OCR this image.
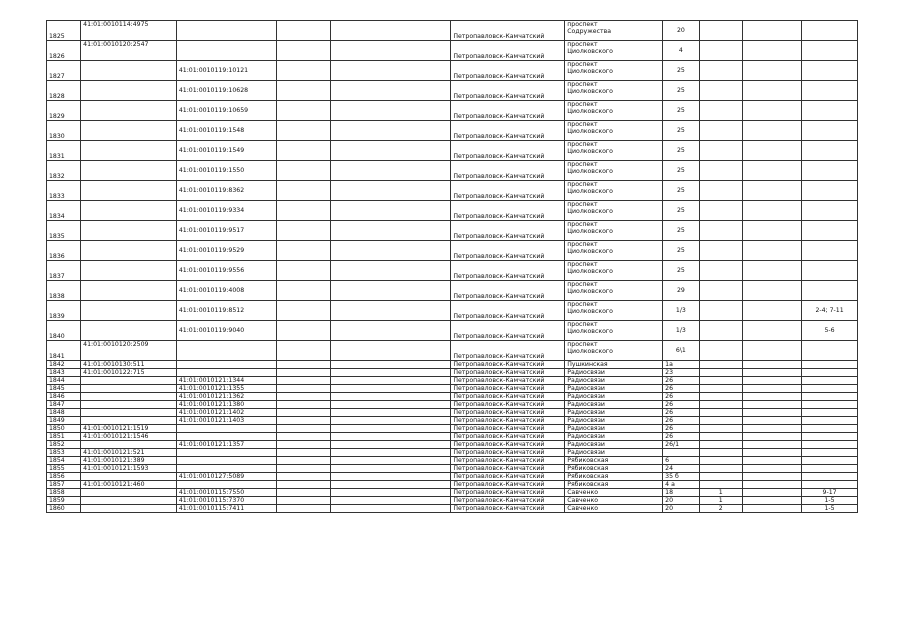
1825	41:01:0010114:4975				Петропавловск-Камчатский	проспект
Содружества	20			
1826	41:01:0010120:2547				Петропавловск-Камчатский	проспект
Циолковского	4			
1827		41:01:0010119:10121			Петропавловск-Камчатский	проспект
Циолковского	25			
1828		41:01:0010119:10628			Петропавловск-Камчатский	проспект
Циолковского	25			
1829		41:01:0010119:10659			Петропавловск-Камчатский	проспект
Циолковского	25			
1830		41:01:0010119:1548			Петропавловск-Камчатский	проспект
Циолковского	25			
1831		41:01:0010119:1549			Петропавловск-Камчатский	проспект
Циолковского	25			
1832		41:01:0010119:1550			Петропавловск-Камчатский	проспект
Циолковского	25			
1833		41:01:0010119:8362			Петропавловск-Камчатский	проспект
Циолковского	25			
1834		41:01:0010119:9334			Петропавловск-Камчатский	проспект
Циолковского	25			
1835		41:01:0010119:9517			Петропавловск-Камчатский	проспект
Циолковского	25			
1836		41:01:0010119:9529			Петропавловск-Камчатский	проспект
Циолковского	25			
1837		41:01:0010119:9556			Петропавловск-Камчатский	проспект
Циолковского	25			
1838		41:01:0010119:4008			Петропавловск-Камчатский	проспект
Циолковского	29			
1839		41:01:0010119:8512			Петропавловск-Камчатский	проспект
Циолковского	1/3			2-4; 7-11
1840		41:01:0010119:9040			Петропавловск-Камчатский	проспект
Циолковского	1/3			5-6
1841	41:01:0010120:2509				Петропавловск-Камчатский	проспект
Циолковского	6\1			
1842	41:01:0010130:511				Петропавловск-Камчатский	Пушкинская	1а			
1843	41:01:0010122:715				Петропавловск-Камчатский	Радиосвязи	23			
1844		41:01:0010121:1344			Петропавловск-Камчатский	Радиосвязи	26			
1845		41:01:0010121:1355			Петропавловск-Камчатский	Радиосвязи	26			
1846		41:01:0010121:1362			Петропавловск-Камчатский	Радиосвязи	26			
1847		41:01:0010121:1380			Петропавловск-Камчатский	Радиосвязи	26			
1848		41:01:0010121:1402			Петропавловск-Камчатский	Радиосвязи	26			
1849		41:01:0010121:1403			Петропавловск-Камчатский	Радиосвязи	26			
1850	41:01:0010121:1519				Петропавловск-Камчатский	Радиосвязи	26			
1851	41:01:0010121:1546				Петропавловск-Камчатский	Радиосвязи	26			
1852		41:01:0010121:1357			Петропавловск-Камчатский	Радиосвязи	26/1			
1853	41:01:0010121:521				Петропавловск-Камчатский	Радиосвязи				
1854	41:01:0010121:389				Петропавловск-Камчатский	Рябиковская	6			
1855	41:01:0010121:1593				Петропавловск-Камчатский	Рябиковская	24			
1856		41:01:0010127:5089			Петропавловск-Камчатский	Рябиковская	35 б			
1857	41:01:0010121:460				Петропавловск-Камчатский	Рябиковская	4 а			
1858		41:01:0010115:7550			Петропавловск-Камчатский	Савченко	18	1		9-17
1859		41:01:0010115:7370			Петропавловск-Камчатский	Савченко	20	1		1-5
1860		41:01:0010115:7411			Петропавловск-Камчатский	Савченко	20	2		1-5
